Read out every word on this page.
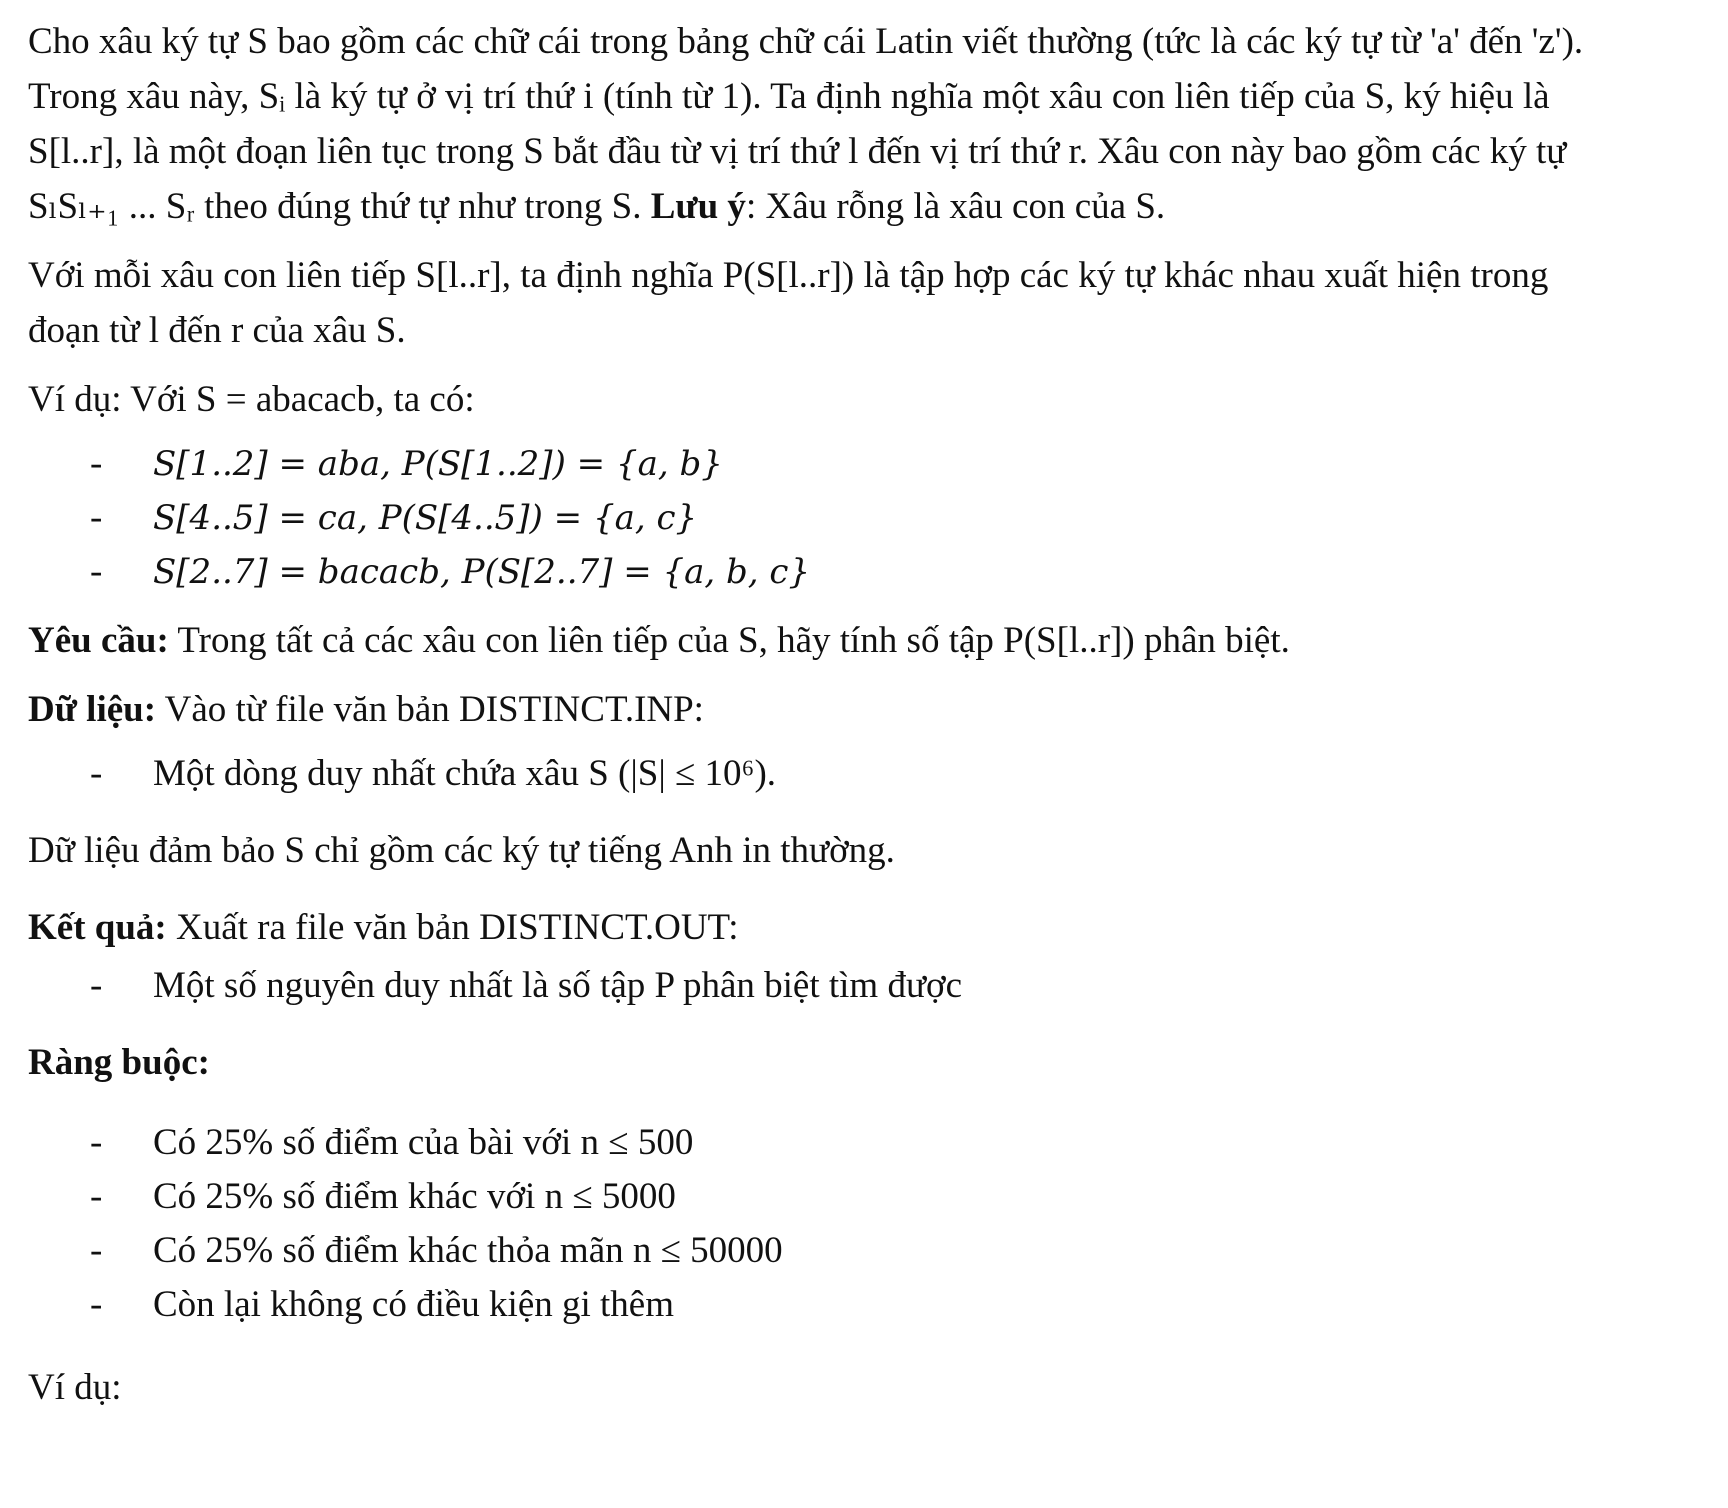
Cho xâu ký tự S bao gồm các chữ cái trong bảng chữ cái Latin viết thường (tức là các ký tự từ 'a' đến 'z').
Trong xâu này, Sᵢ là ký tự ở vị trí thứ i (tính từ 1). Ta định nghĩa một xâu con liên tiếp của S, ký hiệu là
S[l..r], là một đoạn liên tục trong S bắt đầu từ vị trí thứ l đến vị trí thứ r. Xâu con này bao gồm các ký tự
SₗSₗ₊₁ ... Sᵣ theo đúng thứ tự như trong S. Lưu ý: Xâu rỗng là xâu con của S.
Với mỗi xâu con liên tiếp S[l..r], ta định nghĩa P(S[l..r]) là tập hợp các ký tự khác nhau xuất hiện trong
đoạn từ l đến r của xâu S.
Ví dụ: Với S = abacacb, ta có:
- S[1..2] = aba, P(S[1..2]) = {a, b}
- S[4..5] = ca, P(S[4..5]) = {a, c}
- S[2..7] = bacacb, P(S[2..7] = {a, b, c}
Yêu cầu: Trong tất cả các xâu con liên tiếp của S, hãy tính số tập P(S[l..r]) phân biệt.
Dữ liệu: Vào từ file văn bản DISTINCT.INP:
- Một dòng duy nhất chứa xâu S (|S| ≤ 10⁶).
Dữ liệu đảm bảo S chỉ gồm các ký tự tiếng Anh in thường.
Kết quả: Xuất ra file văn bản DISTINCT.OUT:
- Một số nguyên duy nhất là số tập P phân biệt tìm được
Ràng buộc:
- Có 25% số điểm của bài với n ≤ 500
- Có 25% số điểm khác với n ≤ 5000
- Có 25% số điểm khác thỏa mãn n ≤ 50000
- Còn lại không có điều kiện gi thêm
Ví dụ:
